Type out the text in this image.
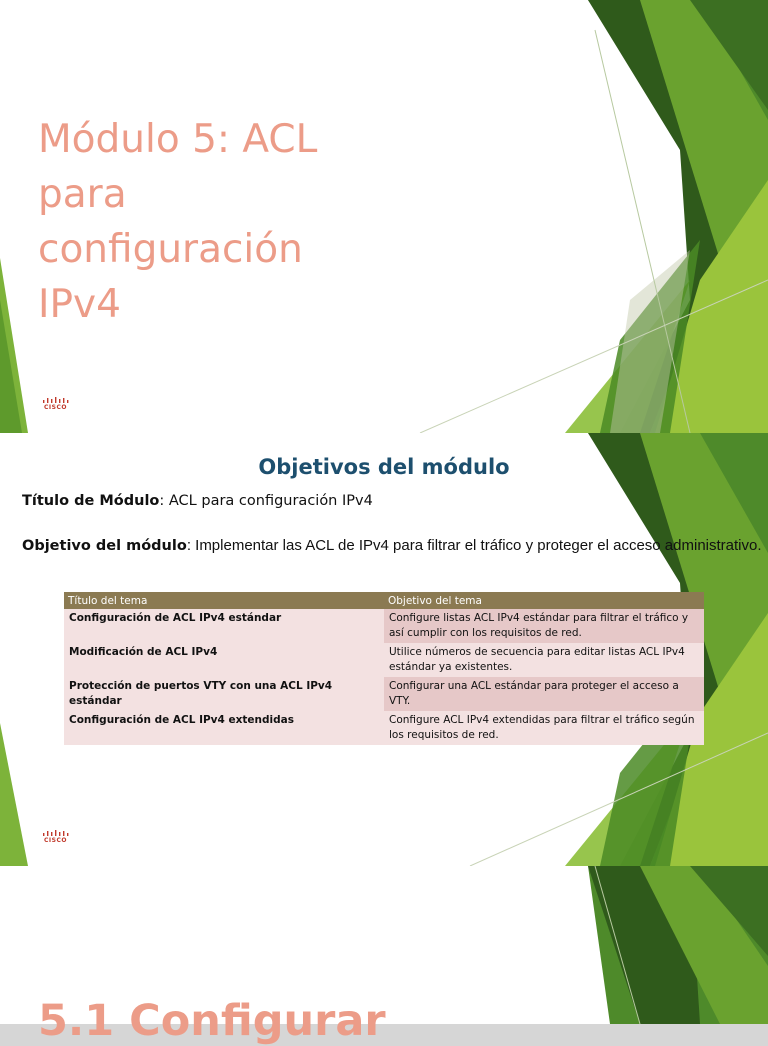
Módulo 5: ACL para configuración IPv4
CISCO
Objetivos del módulo
Título de Módulo: ACL para configuración IPv4
Objetivo del módulo: Implementar las ACL de IPv4 para filtrar el tráfico y proteger el acceso administrativo.
Título del tema	Objetivo del tema
Configuración de ACL IPv4 estándar	Configure listas ACL IPv4 estándar para filtrar el tráfico y así cumplir con los requisitos de red.
Modificación de ACL IPv4	Utilice números de secuencia para editar listas ACL IPv4 estándar ya existentes.
Protección de puertos VTY con una ACL IPv4 estándar	Configurar una ACL estándar para proteger el acceso a VTY.
Configuración de ACL IPv4 extendidas	Configure ACL IPv4 extendidas para filtrar el tráfico según los requisitos de red.
CISCO
5.1 Configurar
